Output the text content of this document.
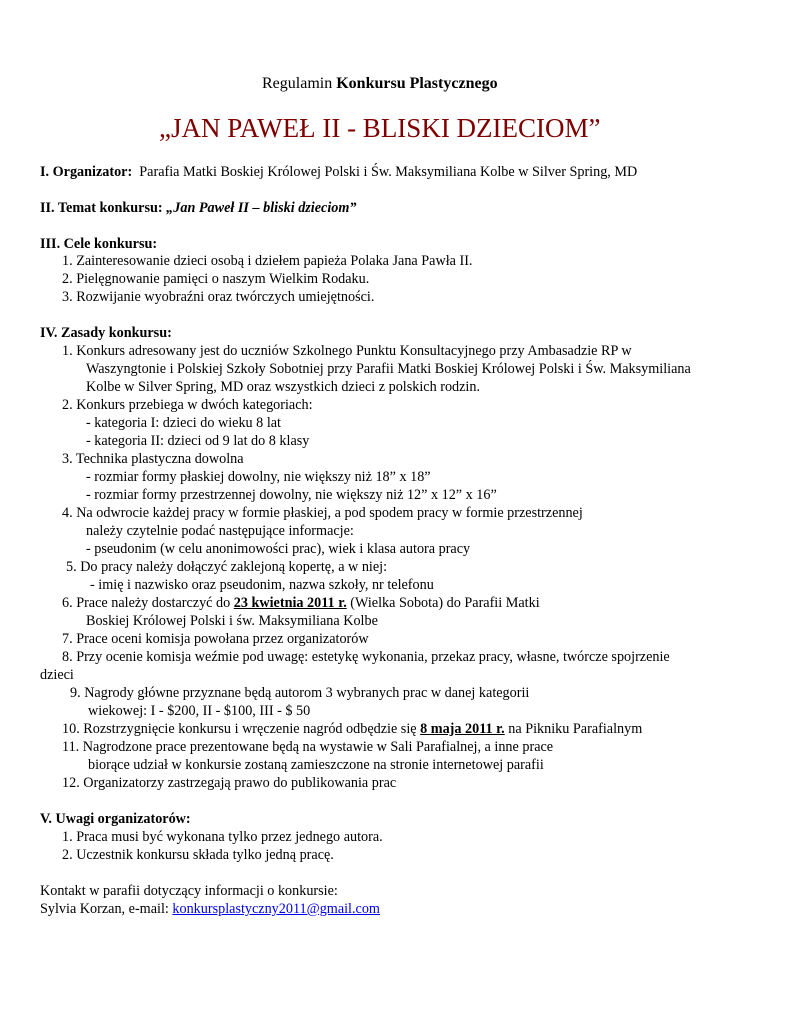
Regulamin Konkursu Plastycznego
„JAN PAWEŁ II - BLISKI DZIECIOM”
I. Organizator: Parafia Matki Boskiej Królowej Polski i Św. Maksymiliana Kolbe w Silver Spring, MD
II. Temat konkursu: „Jan Paweł II – bliski dzieciom”
III. Cele konkursu:
1. Zainteresowanie dzieci osobą i dziełem papieża Polaka Jana Pawła II.
2. Pielęgnowanie pamięci o naszym Wielkim Rodaku.
3. Rozwijanie wyobraźni oraz twórczych umiejętności.
IV. Zasady konkursu:
1. Konkurs adresowany jest do uczniów Szkolnego Punktu Konsultacyjnego przy Ambasadzie RP w
Waszyngtonie i Polskiej Szkoły Sobotniej przy Parafii Matki Boskiej Królowej Polski i Św. Maksymiliana
Kolbe w Silver Spring, MD oraz wszystkich dzieci z polskich rodzin.
2. Konkurs przebiega w dwóch kategoriach:
- kategoria I: dzieci do wieku 8 lat
- kategoria II: dzieci od 9 lat do 8 klasy
3. Technika plastyczna dowolna
- rozmiar formy płaskiej dowolny, nie większy niż 18” x 18”
- rozmiar formy przestrzennej dowolny, nie większy niż 12” x 12” x 16”
4. Na odwrocie każdej pracy w formie płaskiej, a pod spodem pracy w formie przestrzennej
należy czytelnie podać następujące informacje:
- pseudonim (w celu anonimowości prac), wiek i klasa autora pracy
5. Do pracy należy dołączyć zaklejoną kopertę, a w niej:
- imię i nazwisko oraz pseudonim, nazwa szkoły, nr telefonu
6. Prace należy dostarczyć do 23 kwietnia 2011 r. (Wielka Sobota) do Parafii Matki
Boskiej Królowej Polski i św. Maksymiliana Kolbe
7. Prace oceni komisja powołana przez organizatorów
8. Przy ocenie komisja weźmie pod uwagę: estetykę wykonania, przekaz pracy, własne, twórcze spojrzenie
dzieci
9. Nagrody główne przyznane będą autorom 3 wybranych prac w danej kategorii
wiekowej: I - $200, II - $100, III - $ 50
10. Rozstrzygnięcie konkursu i wręczenie nagród odbędzie się 8 maja 2011 r. na Pikniku Parafialnym
11. Nagrodzone prace prezentowane będą na wystawie w Sali Parafialnej, a inne prace
biorące udział w konkursie zostaną zamieszczone na stronie internetowej parafii
12. Organizatorzy zastrzegają prawo do publikowania prac
V. Uwagi organizatorów:
1. Praca musi być wykonana tylko przez jednego autora.
2. Uczestnik konkursu składa tylko jedną pracę.
Kontakt w parafii dotyczący informacji o konkursie:
Sylvia Korzan, e-mail: konkursplastyczny2011@gmail.com
